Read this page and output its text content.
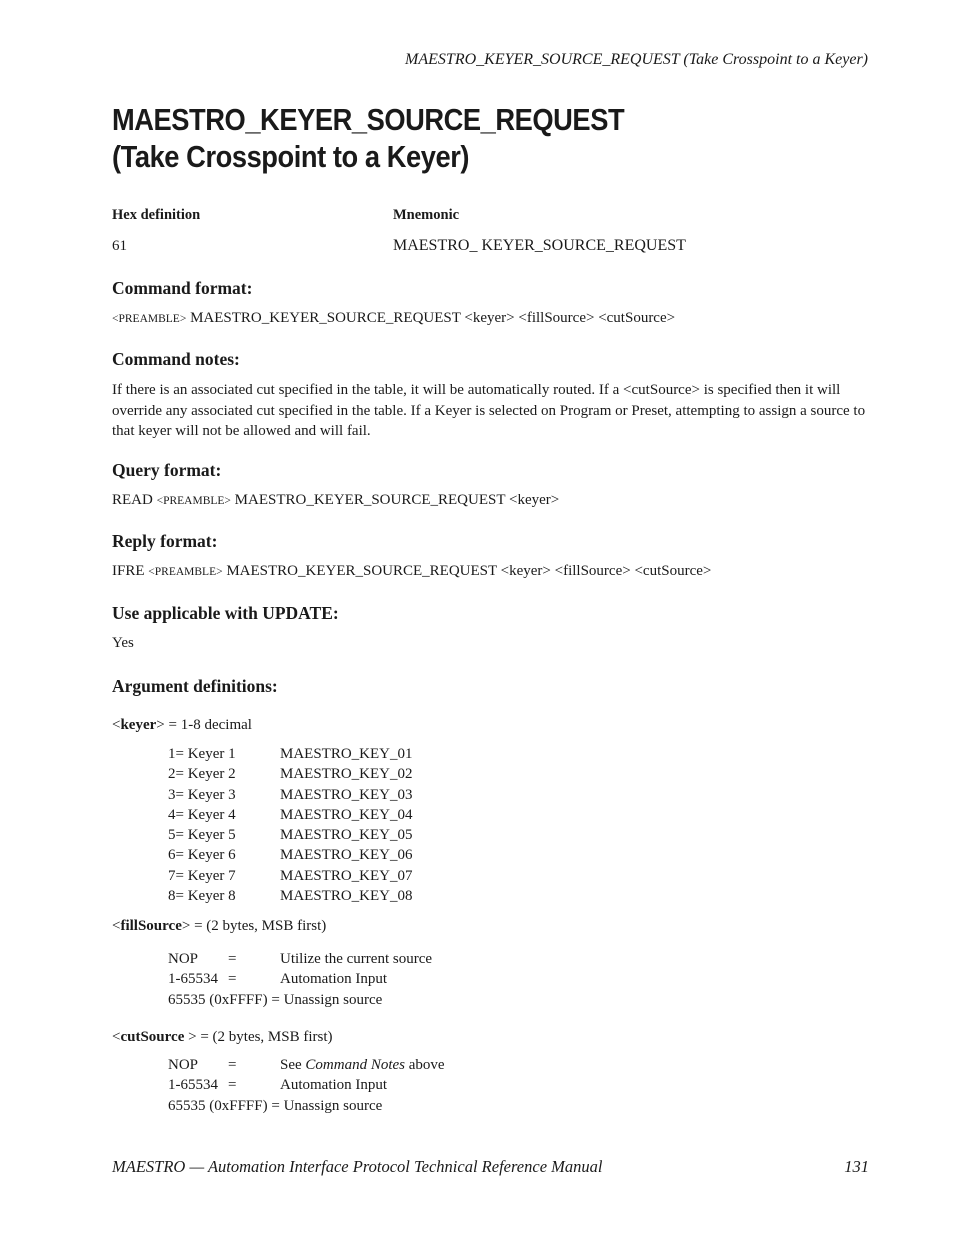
MAESTRO_KEYER_SOURCE_REQUEST (Take Crosspoint to a Keyer)
MAESTRO_KEYER_SOURCE_REQUEST
(Take Crosspoint to a Keyer)
Hex definition	Mnemonic
61	MAESTRO_ KEYER_SOURCE_REQUEST
Command format:
<PREAMBLE> MAESTRO_KEYER_SOURCE_REQUEST <keyer> <fillSource> <cutSource>
Command notes:
If there is an associated cut specified in the table, it will be automatically routed. If a <cutSource> is specified then it will override any associated cut specified in the table. If a Keyer is selected on Program or Preset, attempting to assign a source to that keyer will not be allowed and will fail.
Query format:
READ <PREAMBLE> MAESTRO_KEYER_SOURCE_REQUEST <keyer>
Reply format:
IFRE <PREAMBLE> MAESTRO_KEYER_SOURCE_REQUEST <keyer> <fillSource> <cutSource>
Use applicable with UPDATE:
Yes
Argument definitions:
<keyer> = 1-8 decimal
1= Keyer 1	MAESTRO_KEY_01
2= Keyer 2	MAESTRO_KEY_02
3= Keyer 3	MAESTRO_KEY_03
4= Keyer 4	MAESTRO_KEY_04
5= Keyer 5	MAESTRO_KEY_05
6= Keyer 6	MAESTRO_KEY_06
7= Keyer 7	MAESTRO_KEY_07
8= Keyer 8	MAESTRO_KEY_08
<fillSource> = (2 bytes, MSB first)
NOP =	Utilize the current source
1-65534 =	Automation Input
65535 (0xFFFF) = Unassign source
<cutSource > = (2 bytes, MSB first)
NOP =	See Command Notes above
1-65534 =	Automation Input
65535 (0xFFFF) = Unassign source
MAESTRO — Automation Interface Protocol Technical Reference Manual	131
